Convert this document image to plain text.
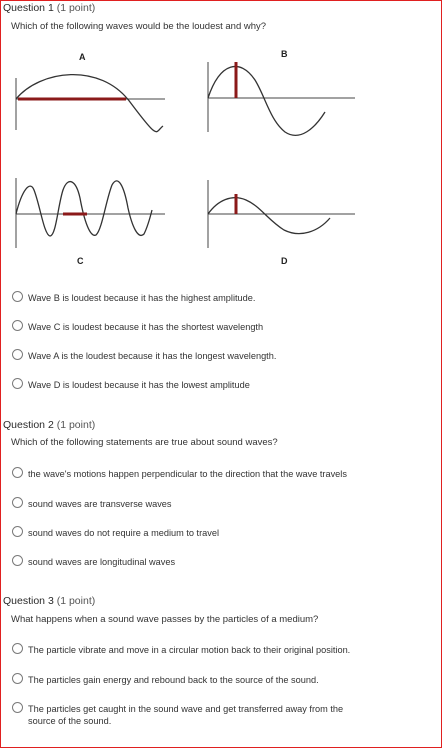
Question 1 (1 point)
Which of the following waves would be the loudest and why?
A	B
C	D
Wave B is loudest because it has the highest amplitude.
Wave C is loudest because it has the shortest wavelength
Wave A is the loudest because it has the longest wavelength.
Wave D is loudest because it has the lowest amplitude
Question 2 (1 point)
Which of the following statements are true about sound waves?
the wave's motions happen perpendicular to the direction that the wave travels
sound waves are transverse waves
sound waves do not require a medium to travel
sound waves are longitudinal waves
Question 3 (1 point)
What happens when a sound wave passes by the particles of a medium?
The particle vibrate and move in a circular motion back to their original position.
The particles gain energy and rebound back to the source of the sound.
The particles get caught in the sound wave and get transferred away from the source of the sound.
